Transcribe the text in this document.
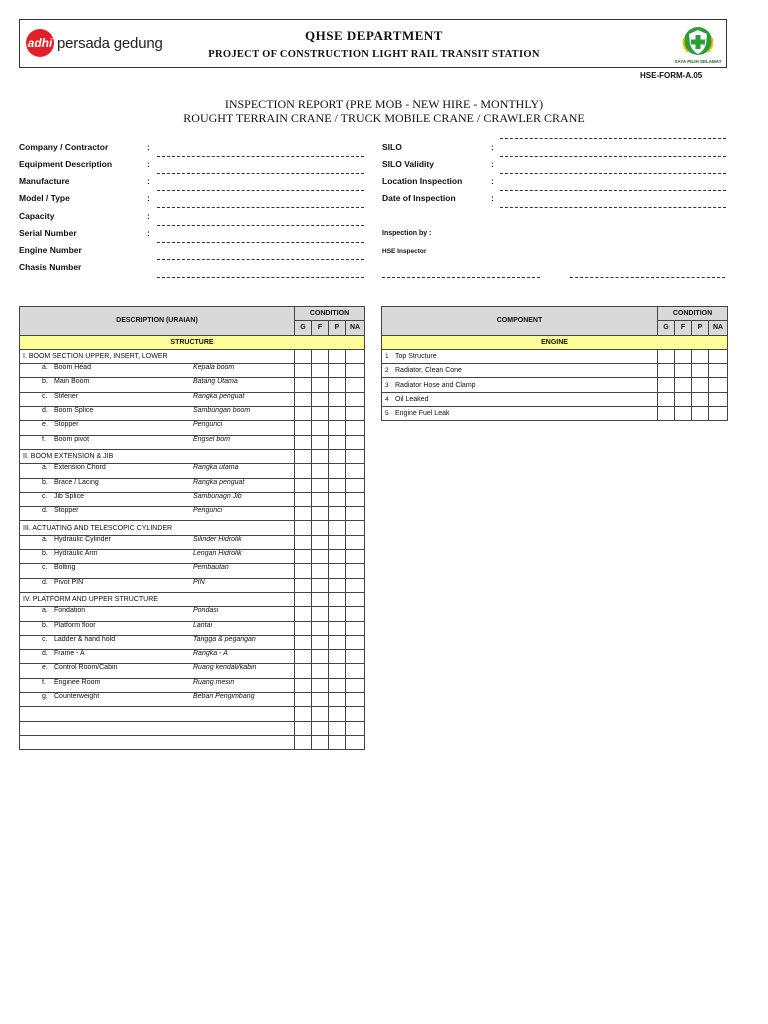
adhi persada gedung	QHSE DEPARTMENT
PROJECT OF CONSTRUCTION LIGHT RAIL TRANSIT STATION
SAYA PILIH SELAMAT
HSE-FORM-A.05
INSPECTION REPORT (PRE MOB - NEW HIRE - MONTHLY)
ROUGHT TERRAIN CRANE / TRUCK MOBILE CRANE / CRAWLER CRANE
Company / Contractor	:
Equipment Description	:
Manufacture	:
Model / Type	:
Capacity	:
Serial Number	:
Engine Number
Chasis Number
SILO	:
SILO Validity	:
Location Inspection	:
Date of Inspection	:
Inspection by :
HSE Inspector
DESCRIPTION (URAIAN)	CONDITION			
	G	F	P	NA
STRUCTURE				
I. BOOM SECTION UPPER, INSERT, LOWER				

a. Boom Head Kepala boom				

b. Main Boom Batang Utama				

c. Stifener Rangka penguat				

d. Boom Splice Sambungan boom				

e. Stopper Pengunci				

f. Boom pivot Engsel bom				

II. BOOM EXTENSION & JIB				

a. Extension Chord Rangka utama				

b. Brace / Lacing Rangka penguat				

c. Jib Splice Sambunagn Jib				

d. Stopper Pengunci				

III. ACTUATING AND TELESCOPIC CYLINDER				

a. Hydraulic Cylinder Silinder Hidrolik				

b. Hydraulic Arm Lengan Hidrolik				

c. Bolting Pembautan				

d. Pivot PIN PIN				

IV. PLATFORM AND UPPER STRUCTURE				

a. Fondation Pondasi				

b. Platform floor Lantai				

c. Ladder & hand hold Tangga & pegangan				

d. Frame - A Rangka - A				

e. Control Room/Cabin Ruang kendali/kabin				

f. Enginee Room Ruang mesin				

g. Counterweight Beban Pengimbang				

COMPONENT	CONDITION			
	G	F	P	NA
ENGINE				
1 Top Structure				
2 Radiator, Clean Cone				
3 Radiator Hose and Clamp				
4 Oil Leaked				
5 Engine Fuel Leak				
